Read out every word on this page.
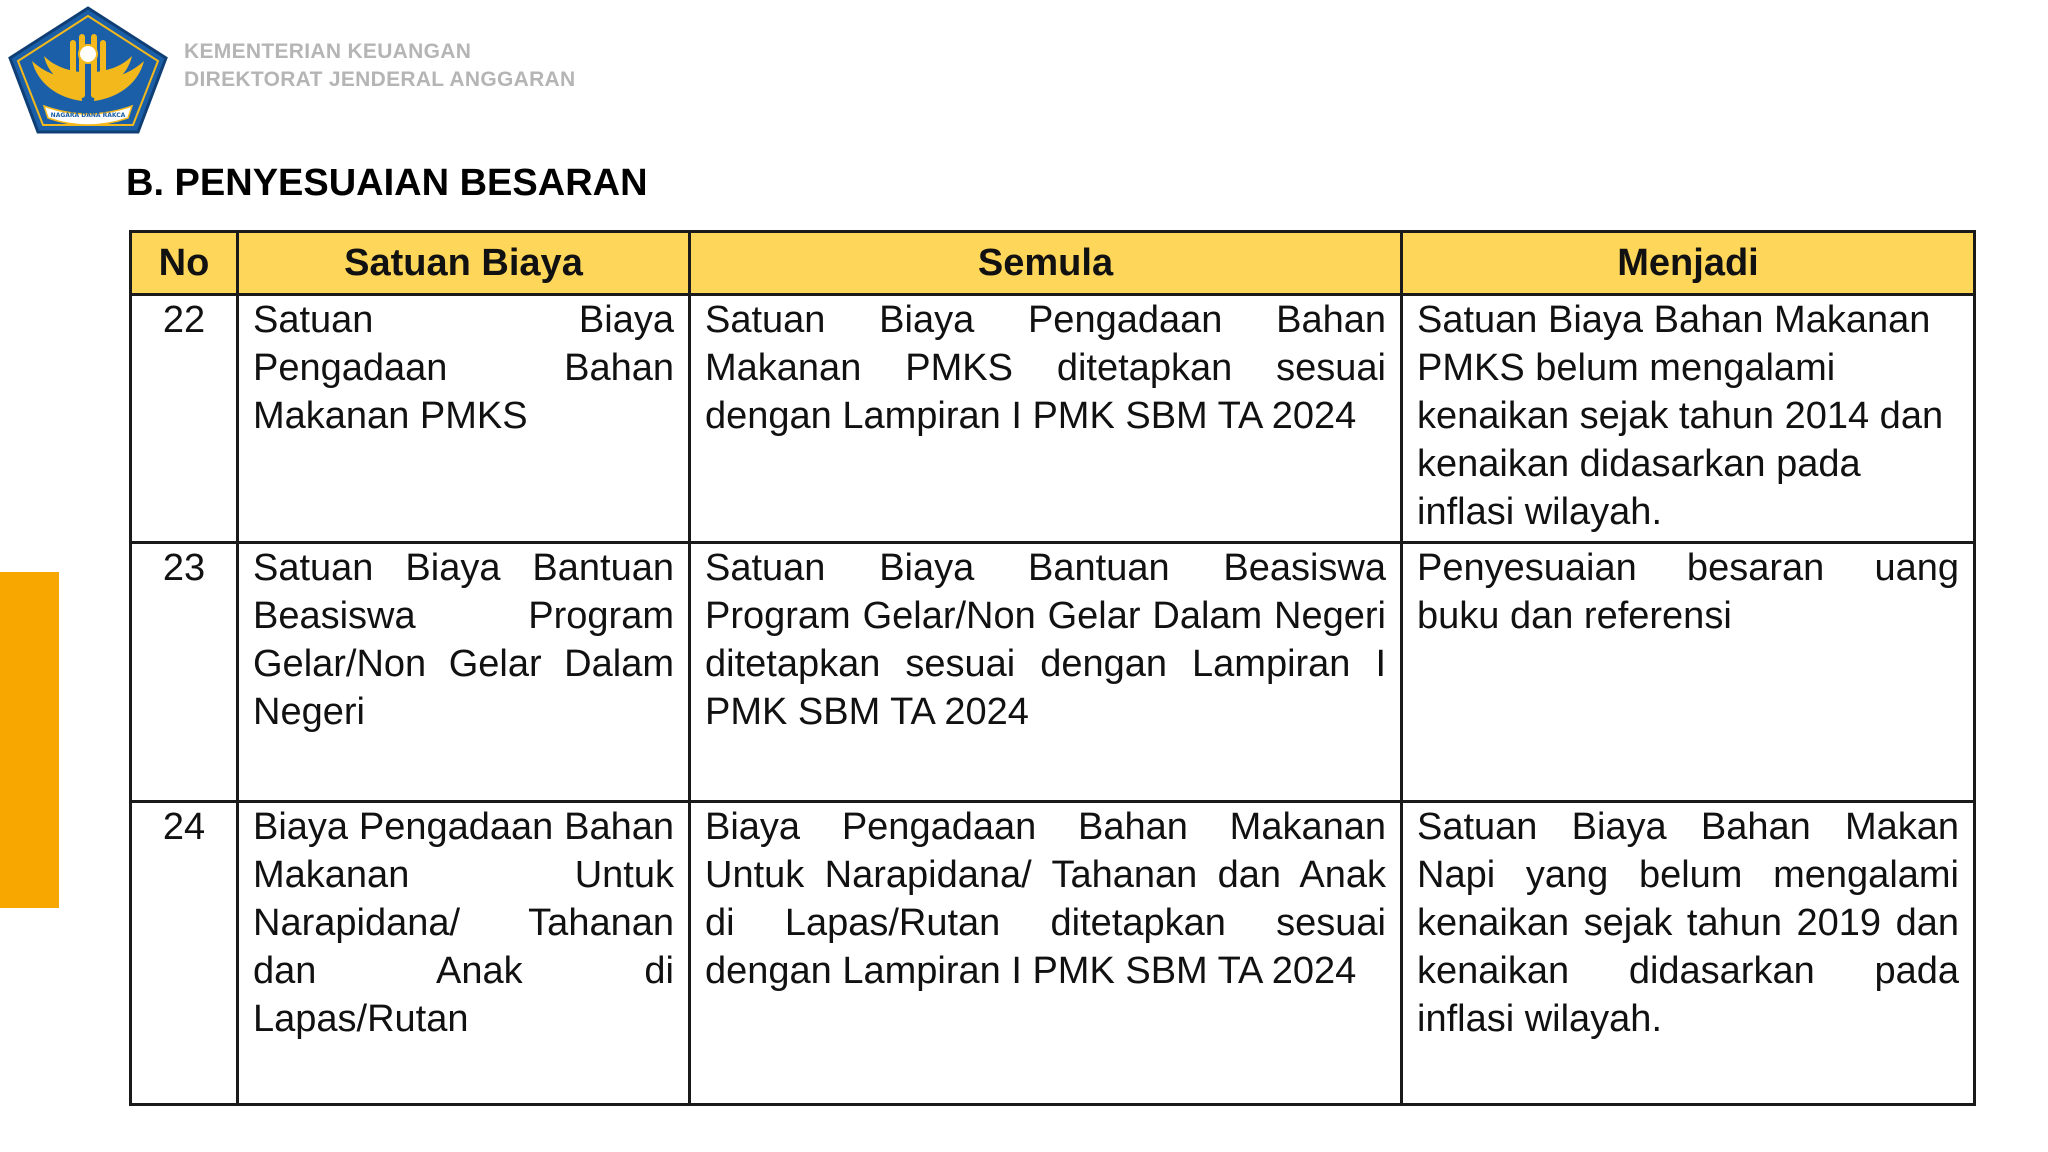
NAGARA DANA RAKCA
KEMENTERIAN KEUANGAN
DIREKTORAT JENDERAL ANGGARAN
B. PENYESUAIAN BESARAN
No	Satuan Biaya	Semula	Menjadi
22	Satuan Biaya Pengadaan Bahan Makanan PMKS	Satuan Biaya Pengadaan Bahan Makanan PMKS ditetapkan sesuai dengan Lampiran I PMK SBM TA 2024	Satuan Biaya Bahan Makanan PMKS belum mengalami kenaikan sejak tahun 2014 dan kenaikan didasarkan pada inflasi wilayah.
23	Satuan Biaya Bantuan Beasiswa Program Gelar/Non Gelar Dalam Negeri	Satuan Biaya Bantuan Beasiswa Program Gelar/Non Gelar Dalam Negeri ditetapkan sesuai dengan Lampiran I PMK SBM TA 2024	Penyesuaian besaran uang buku dan referensi
24	Biaya Pengadaan Bahan Makanan Untuk Narapidana/ Tahanan dan Anak di Lapas/Rutan	Biaya Pengadaan Bahan Makanan Untuk Narapidana/ Tahanan dan Anak di Lapas/Rutan ditetapkan sesuai dengan Lampiran I PMK SBM TA 2024	Satuan Biaya Bahan Makan Napi yang belum mengalami kenaikan sejak tahun 2019 dan kenaikan didasarkan pada inflasi wilayah.
